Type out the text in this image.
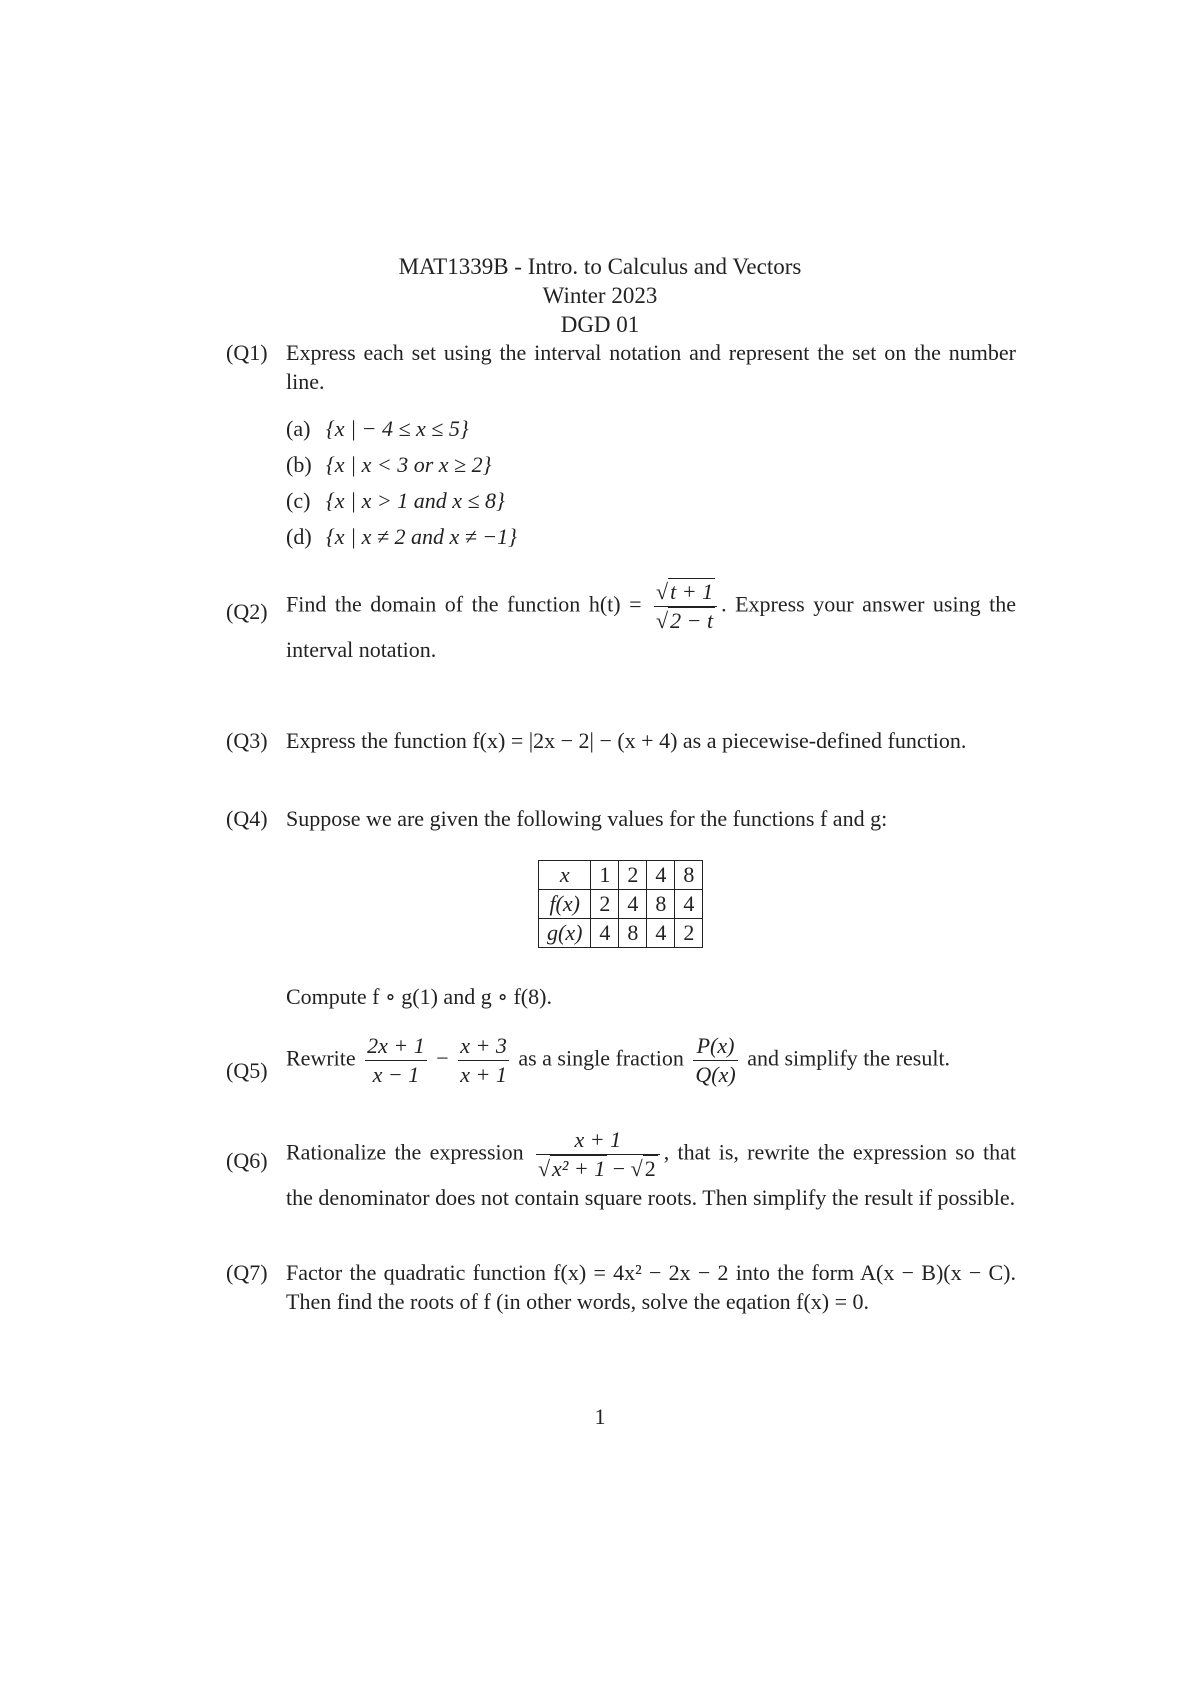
MAT1339B - Intro. to Calculus and Vectors
Winter 2023
DGD 01
(Q1) Express each set using the interval notation and represent the set on the number line.
(a) {x | − 4 ≤ x ≤ 5}
(b) {x | x < 3 or x ≥ 2}
(c) {x | x > 1 and x ≤ 8}
(d) {x | x ≠ 2 and x ≠ −1}
(Q2) Find the domain of the function $h(t) = \frac{√t + 1}{√2 - t}$ . Express your answer using the interval notation.
(Q3) Express the function f(x) = |2x − 2| − (x + 4) as a piecewise-defined function.
(Q4) Suppose we are given the following values for the functions f and g:
x	1	2	4	8
f(x)	2	4	8	4
g(x)	4	8	4	2
Compute f ∘ g(1) and g ∘ f(8).
(Q5) Rewrite $\frac{2x + 1}{x - 1} - \frac{x + 3}{x + 1}$ as a single fraction $\frac{P(x)}{Q(x)}$ and simplify the result.
(Q6) Rationalize the expression $\frac{x + 1}{\text{√x² + 1 − √2}}$ , that is, rewrite the expression so that the denominator does not contain square roots. Then simplify the result if possible.
(Q7) Factor the quadratic function f(x) = 4x² − 2x − 2 into the form A(x − B)(x − C). Then find the roots of f (in other words, solve the eqation f(x) = 0.
1
